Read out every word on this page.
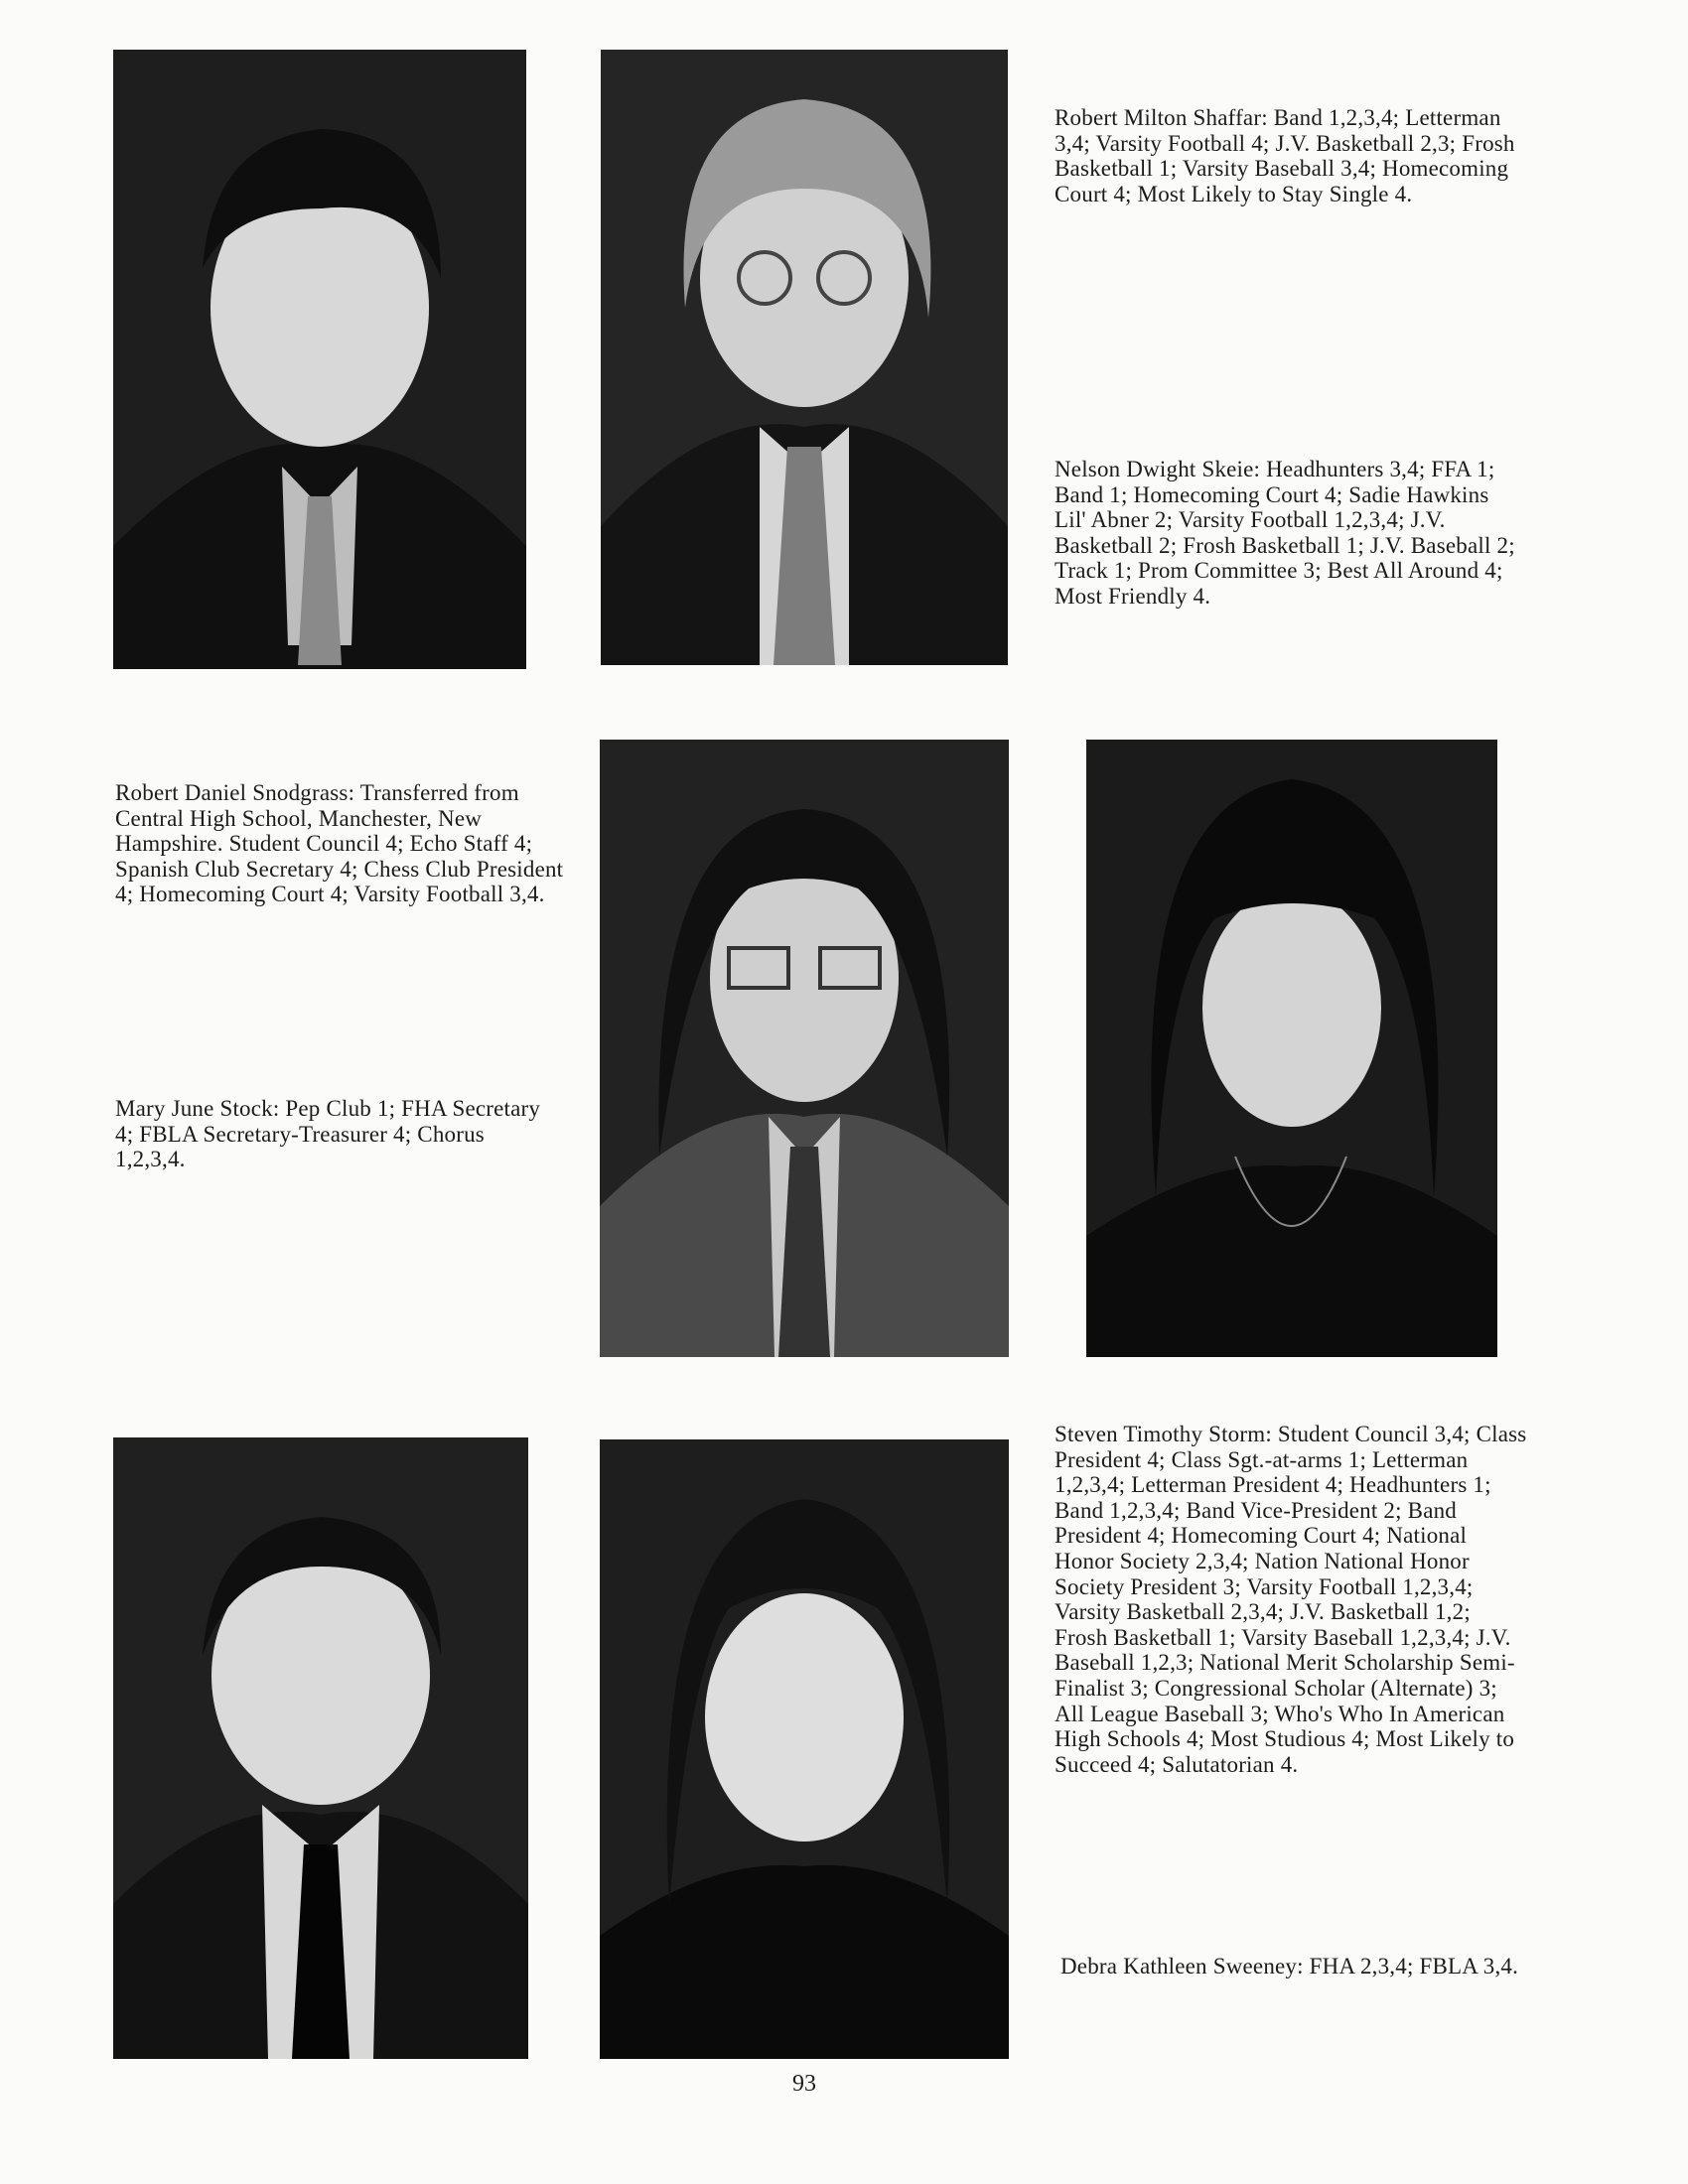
Robert Milton Shaffar: Band 1,2,3,4; Letterman 3,4; Varsity Football 4; J.V. Basketball 2,3; Frosh Basketball 1; Varsity Baseball 3,4; Homecoming Court 4; Most Likely to Stay Single 4.

Nelson Dwight Skeie: Headhunters 3,4; FFA 1; Band 1; Homecoming Court 4; Sadie Hawkins Lil' Abner 2; Varsity Football 1,2,3,4; J.V. Basketball 2; Frosh Basketball 1; J.V. Baseball 2; Track 1; Prom Committee 3; Best All Around 4; Most Friendly 4.

Robert Daniel Snodgrass: Transferred from Central High School, Manchester, New Hampshire. Student Council 4; Echo Staff 4; Spanish Club Secretary 4; Chess Club President 4; Homecoming Court 4; Varsity Football 3,4.

Mary June Stock: Pep Club 1; FHA Secretary 4; FBLA Secretary-Treasurer 4; Chorus 1,2,3,4.

Steven Timothy Storm: Student Council 3,4; Class President 4; Class Sgt.-at-arms 1; Letterman 1,2,3,4; Letterman President 4; Headhunters 1; Band 1,2,3,4; Band Vice-President 2; Band President 4; Homecoming Court 4; National Honor Society 2,3,4; Nation National Honor Society President 3; Varsity Football 1,2,3,4; Varsity Basketball 2,3,4; J.V. Basketball 1,2; Frosh Basketball 1; Varsity Baseball 1,2,3,4; J.V. Baseball 1,2,3; National Merit Scholarship Semi-Finalist 3; Congressional Scholar (Alternate) 3; All League Baseball 3; Who's Who In American High Schools 4; Most Studious 4; Most Likely to Succeed 4; Salutatorian 4.

Debra Kathleen Sweeney: FHA 2,3,4; FBLA 3,4.

93
